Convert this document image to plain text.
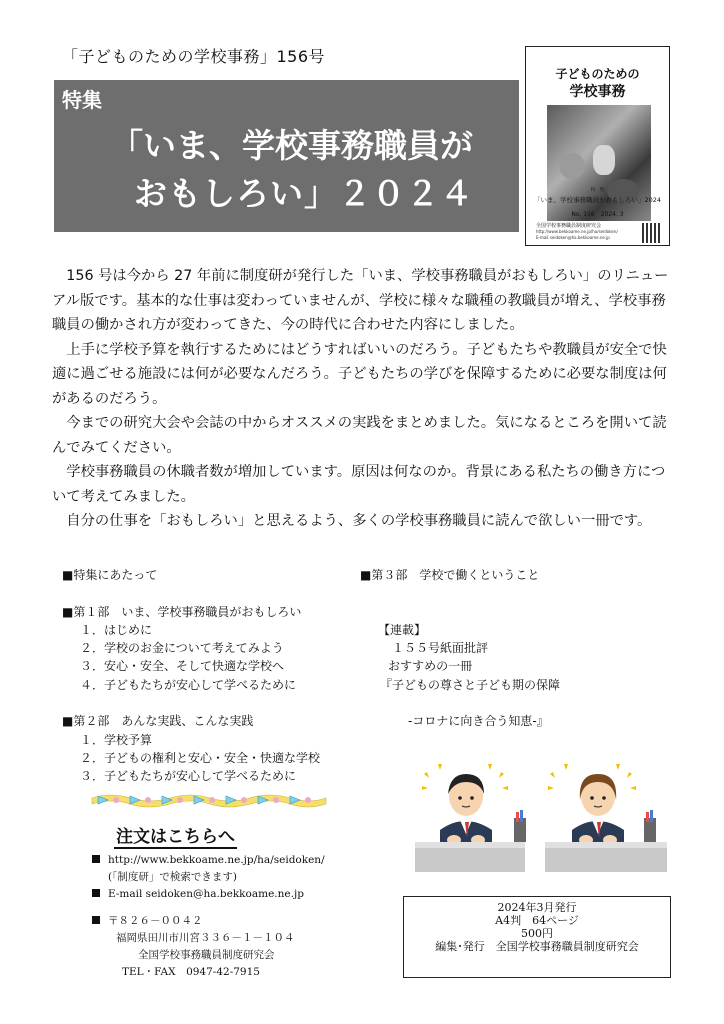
「子どものための学校事務」156号
特集
「いま、学校事務職員が
おもしろい」２０２４
子どものための
学校事務
特　集
「いま、学校事務職員がおもしろい」2024
No. 156　2024. 3
全国学校事務職員制度研究会
http://www.bekkoame.ne.jp/ha/seidoken/
E-mail seidoken@ha.bekkoame.ne.jp

156 号は今から 27 年前に制度研が発行した「いま、学校事務職員がおもしろい」のリニューアル版です。基本的な仕事は変わっていませんが、学校に様々な職種の教職員が増え、学校事務職員の働かされ方が変わってきた、今の時代に合わせた内容にしました。

上手に学校予算を執行するためにはどうすればいいのだろう。子どもたちや教職員が安全で快適に過ごせる施設には何が必要なんだろう。子どもたちの学びを保障するために必要な制度は何があるのだろう。

今までの研究大会や会誌の中からオススメの実践をまとめました。気になるところを開いて読んでみてください。

学校事務職員の休職者数が増加しています。原因は何なのか。背景にある私たちの働き方について考えてみました。

自分の仕事を「おもしろい」と思えるよう、多くの学校事務職員に読んで欲しい一冊です。

■特集にあたって
■第１部　いま、学校事務職員がおもしろい
１．はじめに
２．学校のお金について考えてみよう
３．安心・安全、そして快適な学校へ
４．子どもたちが安心して学べるために
■第２部　あんな実践、こんな実践
１．学校予算
２．子どもの権利と安心・安全・快適な学校
３．子どもたちが安心して学べるために
■第３部　学校で働くということ
【連載】
１５５号紙面批評
おすすめの一冊
『子どもの尊さと子ども期の保障
-コロナに向き合う知恵-』
注文はこちらへ
http://www.bekkoame.ne.jp/ha/seidoken/
(「制度研」で検索できます)
E-mail seidoken@ha.bekkoame.ne.jp
〒８２６－００４２
福岡県田川市川宮３３６－１－１０４
全国学校事務職員制度研究会
TEL・FAX　0947-42-7915
2024年3月発行
A4判　64ページ
500円
編集･発行　全国学校事務職員制度研究会
